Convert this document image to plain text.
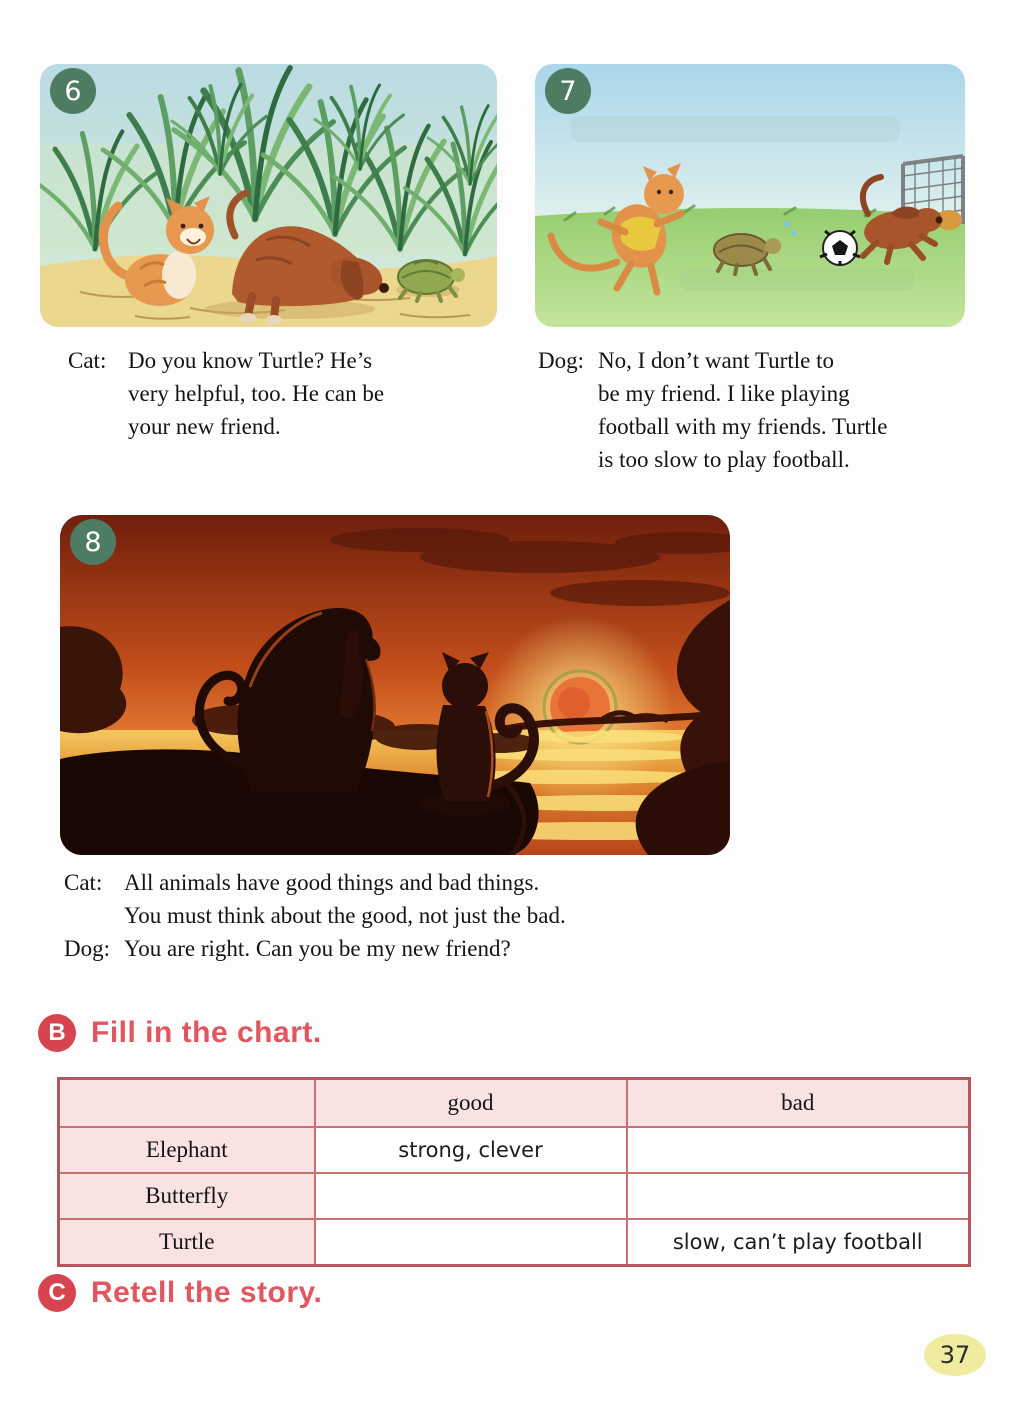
6	7
Cat: Do you know Turtle? He’s
very helpful, too. He can be
your new friend.
Dog: No, I don’t want Turtle to
be my friend. I like playing
football with my friends. Turtle
is too slow to play football.
8
Cat: All animals have good things and bad things.
You must think about the good, not just the bad.
Dog: You are right. Can you be my new friend?
B Fill in the chart.
	good	bad
Elephant	strong, clever	
Butterfly		
Turtle		slow, can’t play football
C Retell the story.
37
